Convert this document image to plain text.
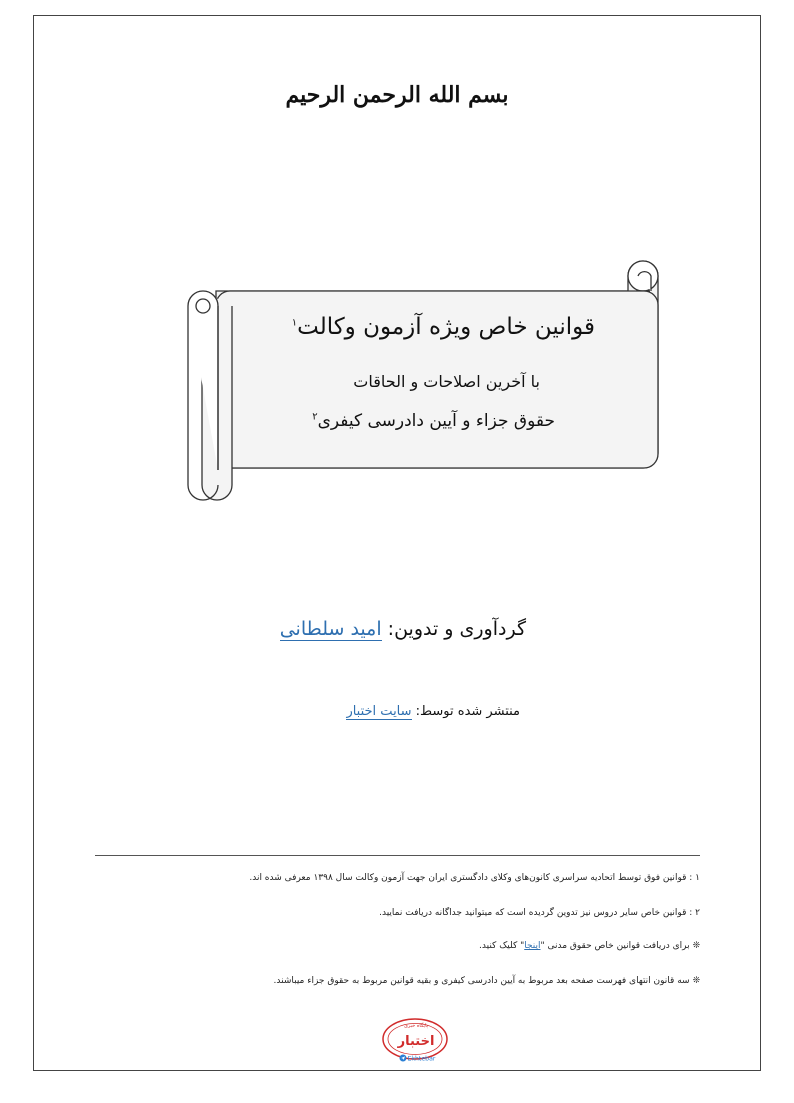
بسم الله الرحمن الرحیم
قوانین خاص ویژه آزمون وکالت$^۱$
با آخرین اصلاحات و الحاقات
حقوق جزاء و آیین دادرسی کیفری$^۲$
گردآوری و تدوین: امید سلطانی
منتشر شده توسط: سایت اختبار
۱ : قوانین فوق توسط اتحادیه سراسری کانون‌های وکلای دادگستری ایران جهت آزمون وکالت سال ۱۳۹۸ معرفی شده اند.
۲ : قوانین خاص سایر دروس نیز تدوین گردیده است که میتوانید جداگانه دریافت نمایید.
❊ برای دریافت قوانین خاص حقوق مدنی "اینجا" کلیک کنید.
❊ سه قانون انتهای فهرست صفحه بعد مربوط به آیین دادرسی کیفری و بقیه قوانین مربوط به حقوق جزاء میباشند.
پایگاه خبری
اختبار
Ekhtebar
